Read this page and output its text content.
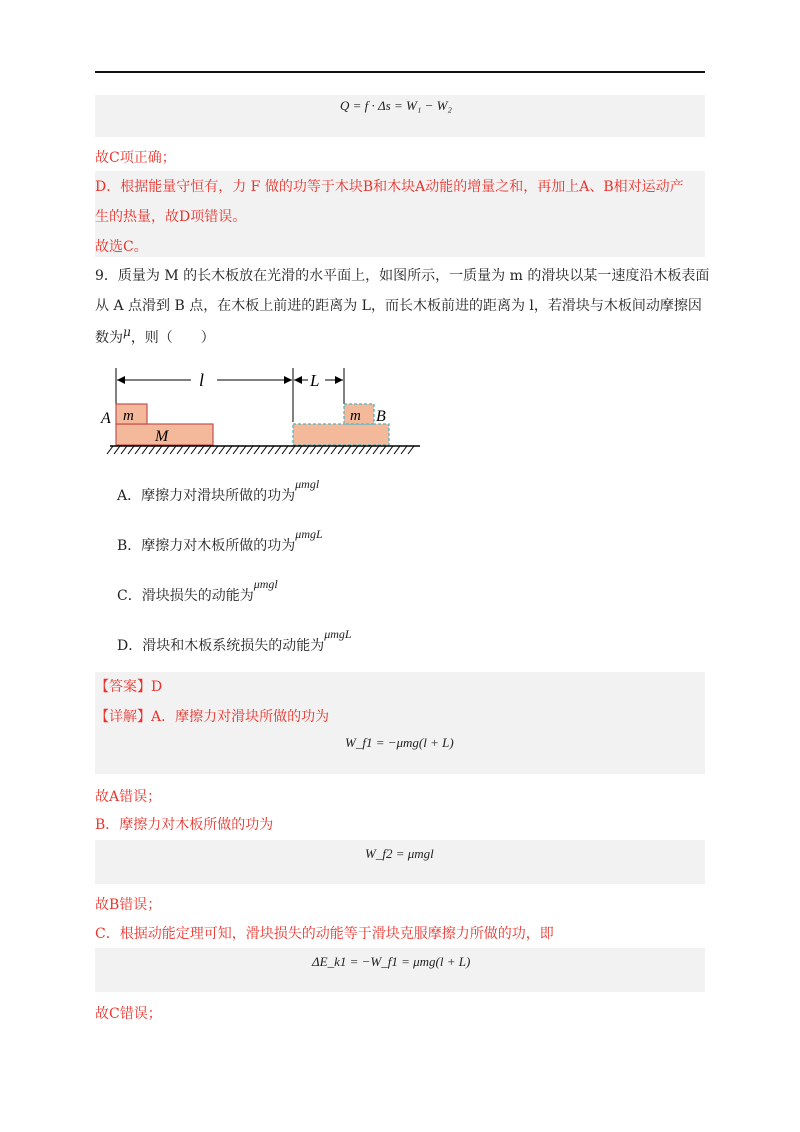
Q = f · Δs = W₁ − W₂
故C项正确；
D．根据能量守恒有，力 F 做的功等于木块B和木块A动能的增量之和，再加上A、B相对运动产
生的热量，故D项错误。
故选C。
9．质量为 M 的长木板放在光滑的水平面上，如图所示，一质量为 m 的滑块以某一速度沿木板表面
从 A 点滑到 B 点，在木板上前进的距离为 L，而长木板前进的距离为 l，若滑块与木板间动摩擦因
数为μ，则（　　）
l	L
M
m
A	m B
A．摩擦力对滑块所做的功为μmgl
B．摩擦力对木板所做的功为μmgL
C．滑块损失的动能为μmgl
D．滑块和木板系统损失的动能为μmgL
【答案】D
【详解】A．摩擦力对滑块所做的功为
W_f1 = −μmg(l + L)
故A错误；
B．摩擦力对木板所做的功为
W_f2 = μmgl
故B错误；
C．根据动能定理可知，滑块损失的动能等于滑块克服摩擦力所做的功，即
ΔE_k1 = −W_f1 = μmg(l + L)
故C错误；
